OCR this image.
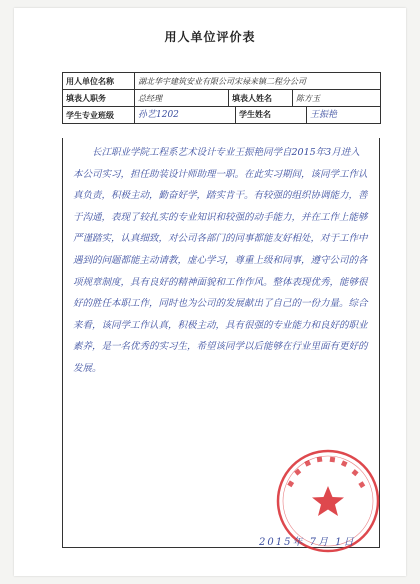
用人单位评价表
用人单位名称	湖北华宇建筑安业有限公司宋禄来镇二程分公司		
填表人职务	总经理	填表人姓名	陈方玉
学生专业班级	孙艺1202 学生姓名 王振艳		

长江职业学院工程系艺术设计专业王振艳同学自2015年3月进入本公司实习，担任助装设计师助理一职。在此实习期间，该同学工作认真负责，积极主动，勤奋好学，踏实肯干。有较强的组织协调能力，善于沟通，表现了较扎实的专业知识和较强的动手能力，并在工作上能够严谨踏实，认真细致，对公司各部门的同事都能友好相处，对于工作中遇到的问题都能主动请教，虚心学习，尊重上级和同事，遵守公司的各项规章制度，具有良好的精神面貌和工作作风。整体表现优秀，能够很好的胜任本职工作，同时也为公司的发展献出了自己的一份力量。综合来看，该同学工作认真，积极主动，具有很强的专业能力和良好的职业素养，是一名优秀的实习生，希望该同学以后能够在行业里面有更好的发展。

2015年 7月 1日
